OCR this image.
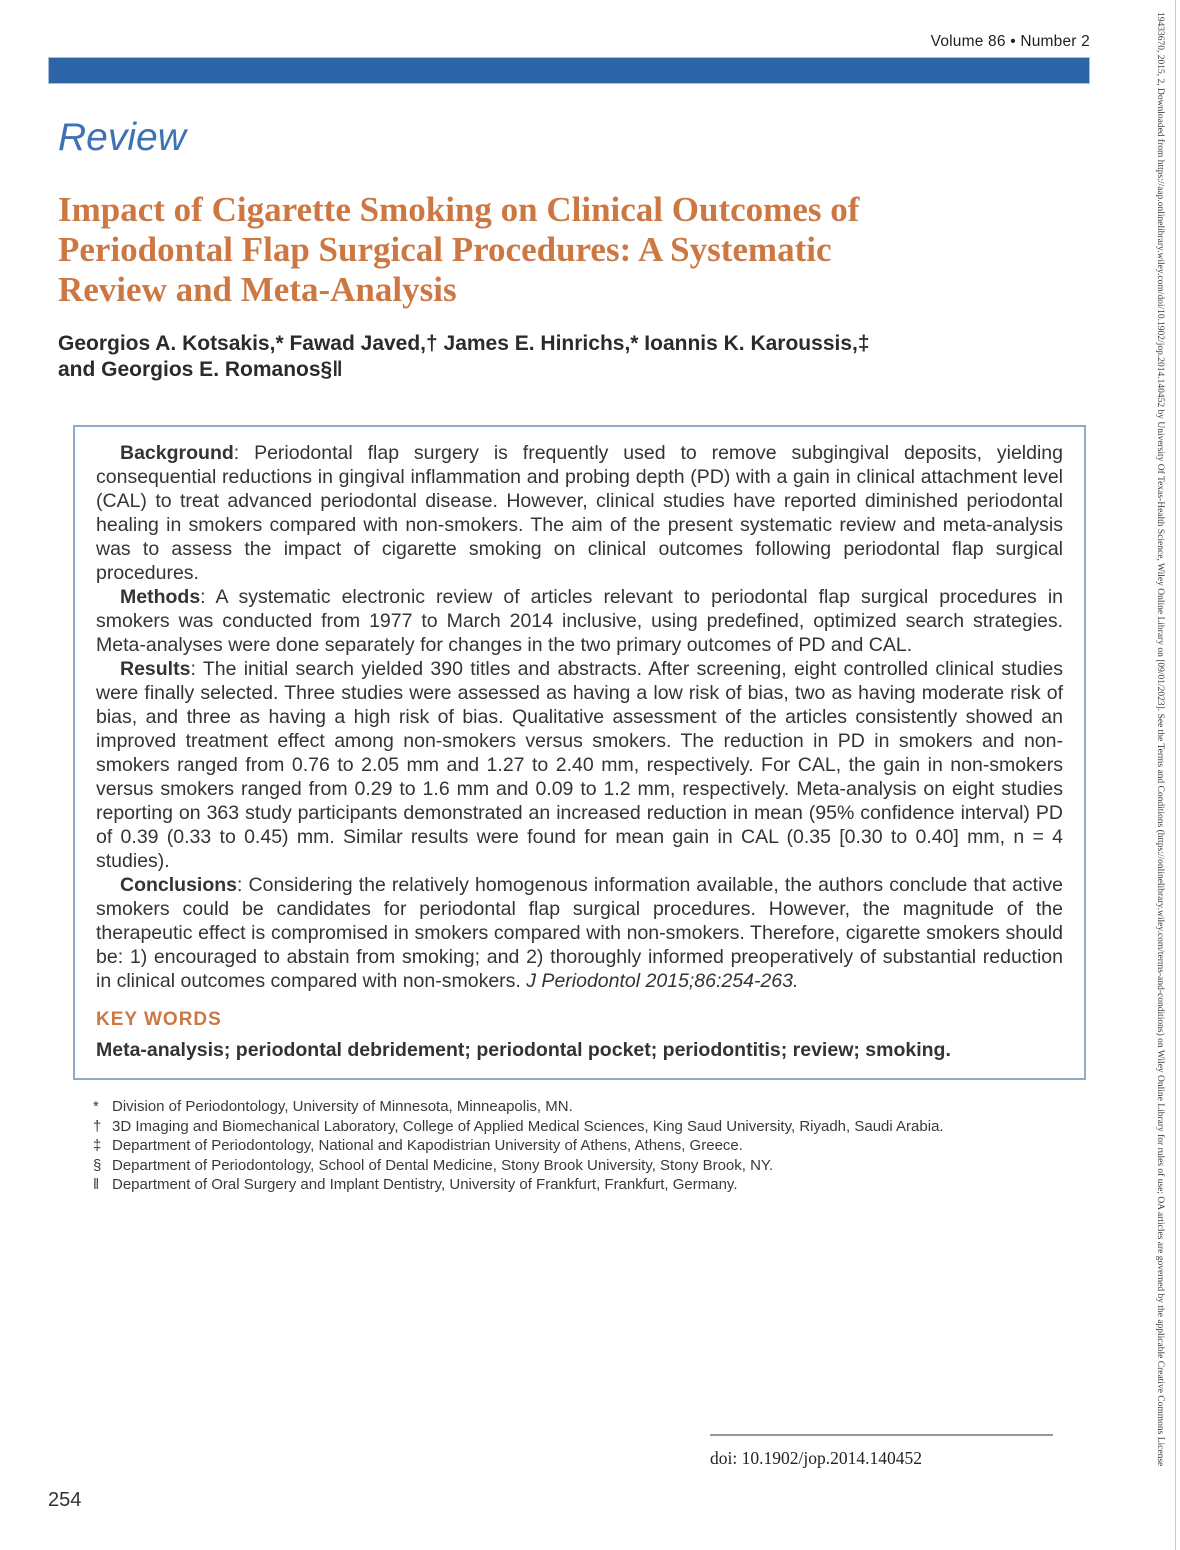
Volume 86 • Number 2
Review
Impact of Cigarette Smoking on Clinical Outcomes of
Periodontal Flap Surgical Procedures: A Systematic
Review and Meta-Analysis
Georgios A. Kotsakis,* Fawad Javed,† James E. Hinrichs,* Ioannis K. Karoussis,‡
and Georgios E. Romanos§‖

Background: Periodontal flap surgery is frequently used to remove subgingival deposits, yielding consequential reductions in gingival inflammation and probing depth (PD) with a gain in clinical attachment level (CAL) to treat advanced periodontal disease. However, clinical studies have reported diminished periodontal healing in smokers compared with non-smokers. The aim of the present systematic review and meta-analysis was to assess the impact of cigarette smoking on clinical outcomes following periodontal flap surgical procedures.

Methods: A systematic electronic review of articles relevant to periodontal flap surgical procedures in smokers was conducted from 1977 to March 2014 inclusive, using predefined, optimized search strategies. Meta-analyses were done separately for changes in the two primary outcomes of PD and CAL.

Results: The initial search yielded 390 titles and abstracts. After screening, eight controlled clinical studies were finally selected. Three studies were assessed as having a low risk of bias, two as having moderate risk of bias, and three as having a high risk of bias. Qualitative assessment of the articles consistently showed an improved treatment effect among non-smokers versus smokers. The reduction in PD in smokers and non-smokers ranged from 0.76 to 2.05 mm and 1.27 to 2.40 mm, respectively. For CAL, the gain in non-smokers versus smokers ranged from 0.29 to 1.6 mm and 0.09 to 1.2 mm, respectively. Meta-analysis on eight studies reporting on 363 study participants demonstrated an increased reduction in mean (95% confidence interval) PD of 0.39 (0.33 to 0.45) mm. Similar results were found for mean gain in CAL (0.35 [0.30 to 0.40] mm, n = 4 studies).

Conclusions: Considering the relatively homogenous information available, the authors conclude that active smokers could be candidates for periodontal flap surgical procedures. However, the magnitude of the therapeutic effect is compromised in smokers compared with non-smokers. Therefore, cigarette smokers should be: 1) encouraged to abstain from smoking; and 2) thoroughly informed preoperatively of substantial reduction in clinical outcomes compared with non-smokers. J Periodontol 2015;86:254-263.

KEY WORDS
Meta-analysis; periodontal debridement; periodontal pocket; periodontitis; review; smoking.
* Division of Periodontology, University of Minnesota, Minneapolis, MN.
† 3D Imaging and Biomechanical Laboratory, College of Applied Medical Sciences, King Saud University, Riyadh, Saudi Arabia.
‡ Department of Periodontology, National and Kapodistrian University of Athens, Athens, Greece.
§ Department of Periodontology, School of Dental Medicine, Stony Brook University, Stony Brook, NY.
‖ Department of Oral Surgery and Implant Dentistry, University of Frankfurt, Frankfurt, Germany.
doi: 10.1902/jop.2014.140452
254
19433670, 2015, 2, Downloaded from https://aap.onlinelibrary.wiley.com/doi/10.1902/jop.2014.140452 by University Of Texas-Health Science, Wiley Online Library on [09/01/2023]. See the Terms and Conditions (https://onlinelibrary.wiley.com/terms-and-conditions) on Wiley Online Library for rules of use; OA articles are governed by the applicable Creative Commons License
